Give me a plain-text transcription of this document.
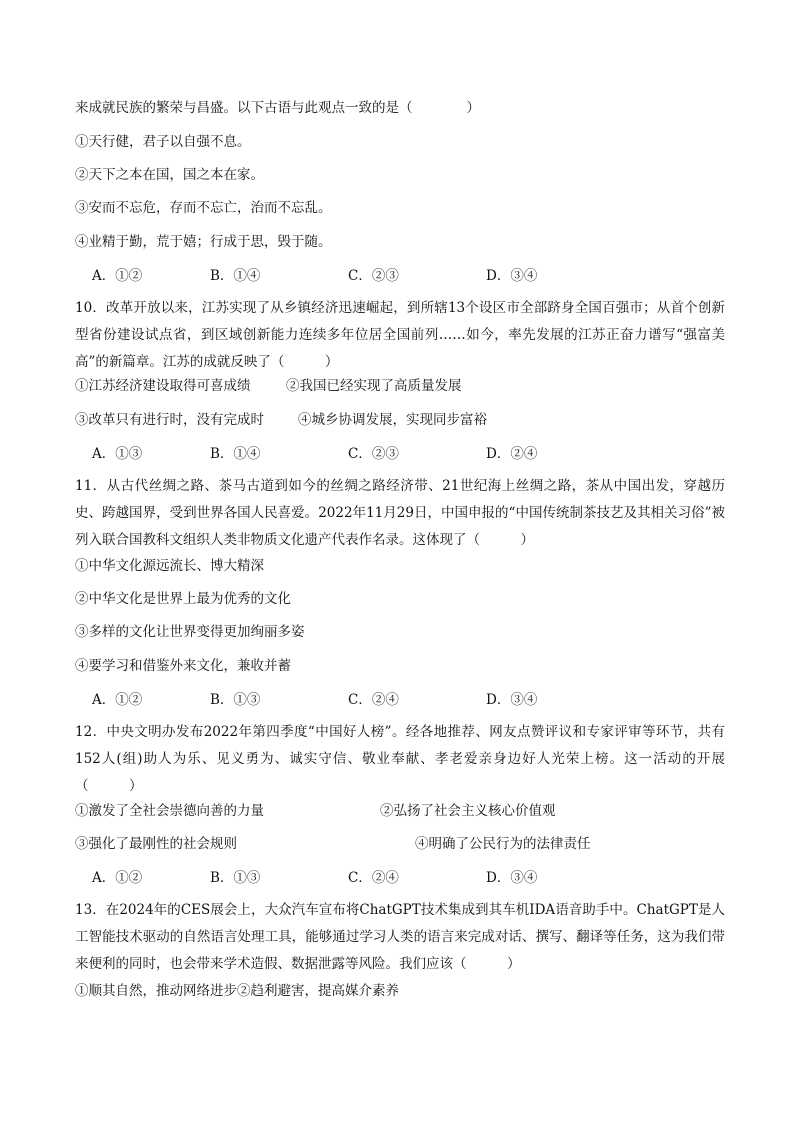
来成就民族的繁荣与昌盛。以下古语与此观点一致的是（　　　　）
①天行健，君子以自强不息。
②天下之本在国，国之本在家。
③安而不忘危，存而不忘亡，治而不忘乱。
④业精于勤，荒于嬉；行成于思，毁于随。
A．①②	B．①④	C．②③	D．③④
10．改革开放以来，江苏实现了从乡镇经济迅速崛起，到所辖13个设区市全部跻身全国百强市；从首个创新型省份建设试点省，到区域创新能力连续多年位居全国前列……如今，率先发展的江苏正奋力谱写“强富美高”的新篇章。江苏的成就反映了（　　　）
①江苏经济建设取得可喜成绩	②我国已经实现了高质量发展
③改革只有进行时，没有完成时	④城乡协调发展，实现同步富裕
A．①③	B．①④	C．②③	D．②④
11．从古代丝绸之路、茶马古道到如今的丝绸之路经济带、21世纪海上丝绸之路，茶从中国出发，穿越历史、跨越国界，受到世界各国人民喜爱。2022年11月29日，中国申报的“中国传统制茶技艺及其相关习俗”被列入联合国教科文组织人类非物质文化遗产代表作名录。这体现了（　　　）
①中华文化源远流长、博大精深
②中华文化是世界上最为优秀的文化
③多样的文化让世界变得更加绚丽多姿
④要学习和借鉴外来文化，兼收并蓄
A．①②	B．①③	C．②④	D．③④
12．中央文明办发布2022年第四季度“中国好人榜”。经各地推荐、网友点赞评议和专家评审等环节，共有152人(组)助人为乐、见义勇为、诚实守信、敬业奉献、孝老爱亲身边好人光荣上榜。这一活动的开展（　　　）
①激发了全社会崇德向善的力量	②弘扬了社会主义核心价值观
③强化了最刚性的社会规则	④明确了公民行为的法律责任
A．①②	B．①③	C．②④	D．③④
13．在2024年的CES展会上，大众汽车宣布将ChatGPT技术集成到其车机IDA语音助手中。ChatGPT是人工智能技术驱动的自然语言处理工具，能够通过学习人类的语言来完成对话、撰写、翻译等任务，这为我们带来便利的同时，也会带来学术造假、数据泄露等风险。我们应该（　　　）
①顺其自然，推动网络进步②趋利避害，提高媒介素养
